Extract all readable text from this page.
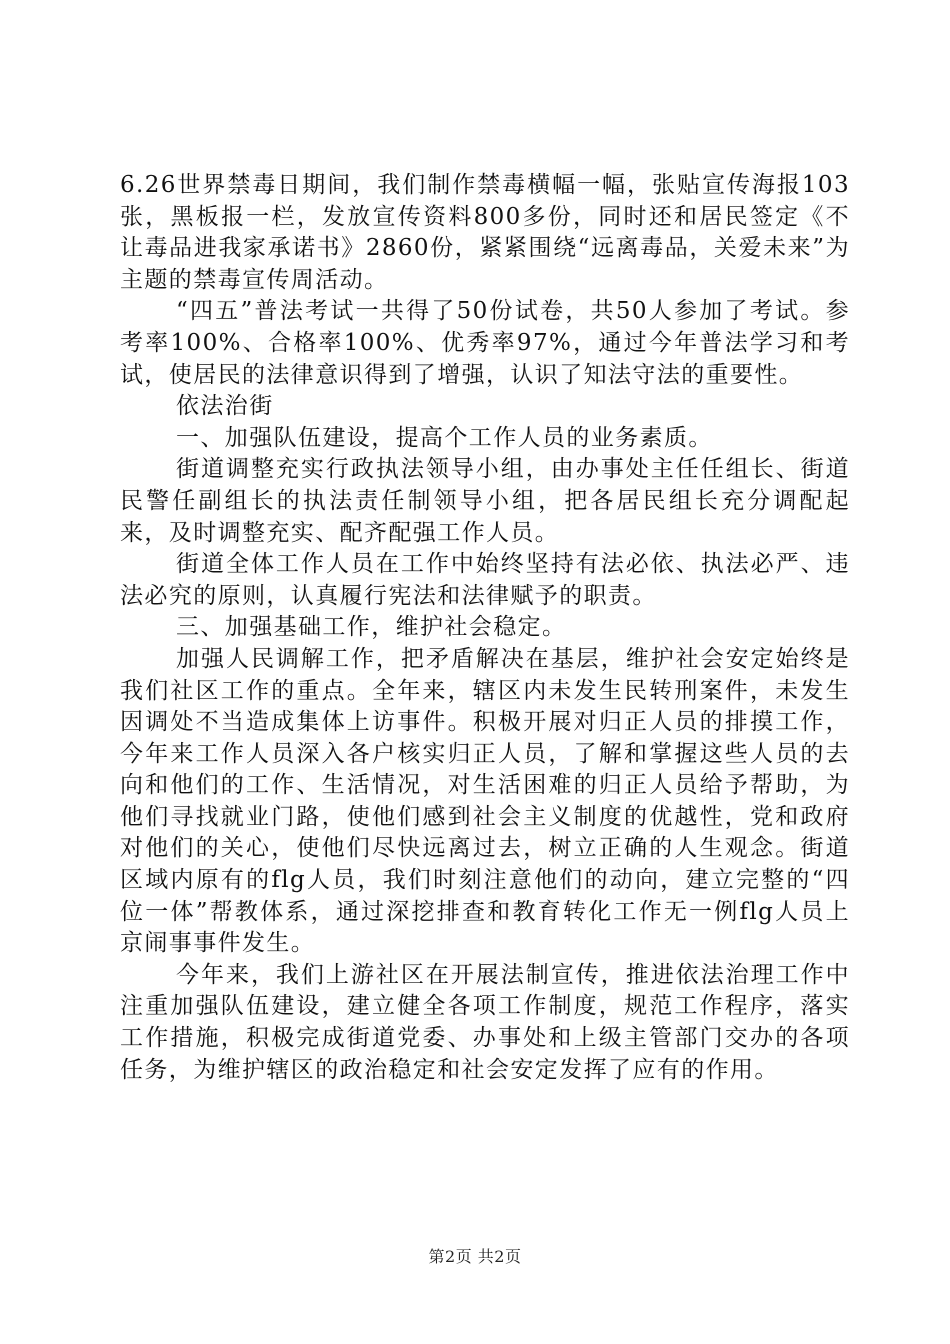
6.26世界禁毒日期间，我们制作禁毒横幅一幅，张贴宣传海报103张，黑板报一栏，发放宣传资料800多份，同时还和居民签定《不让毒品进我家承诺书》2860份，紧紧围绕“远离毒品，关爱未来”为主题的禁毒宣传周活动。

“四五”普法考试一共得了50份试卷，共50人参加了考试。参考率100%、合格率100%、优秀率97%，通过今年普法学习和考试，使居民的法律意识得到了增强，认识了知法守法的重要性。

依法治街

一、加强队伍建设，提高个工作人员的业务素质。

街道调整充实行政执法领导小组，由办事处主任任组长、街道民警任副组长的执法责任制领导小组，把各居民组长充分调配起来，及时调整充实、配齐配强工作人员。

街道全体工作人员在工作中始终坚持有法必依、执法必严、违法必究的原则，认真履行宪法和法律赋予的职责。

三、加强基础工作，维护社会稳定。

加强人民调解工作，把矛盾解决在基层，维护社会安定始终是我们社区工作的重点。全年来，辖区内未发生民转刑案件，未发生因调处不当造成集体上访事件。积极开展对归正人员的排摸工作，今年来工作人员深入各户核实归正人员，了解和掌握这些人员的去向和他们的工作、生活情况，对生活困难的归正人员给予帮助，为他们寻找就业门路，使他们感到社会主义制度的优越性，党和政府对他们的关心，使他们尽快远离过去，树立正确的人生观念。街道区域内原有的flg人员，我们时刻注意他们的动向，建立完整的“四位一体”帮教体系，通过深挖排查和教育转化工作无一例flg人员上京闹事事件发生。

今年来，我们上游社区在开展法制宣传，推进依法治理工作中注重加强队伍建设，建立健全各项工作制度，规范工作程序，落实工作措施，积极完成街道党委、办事处和上级主管部门交办的各项任务，为维护辖区的政治稳定和社会安定发挥了应有的作用。

第2页 共2页
